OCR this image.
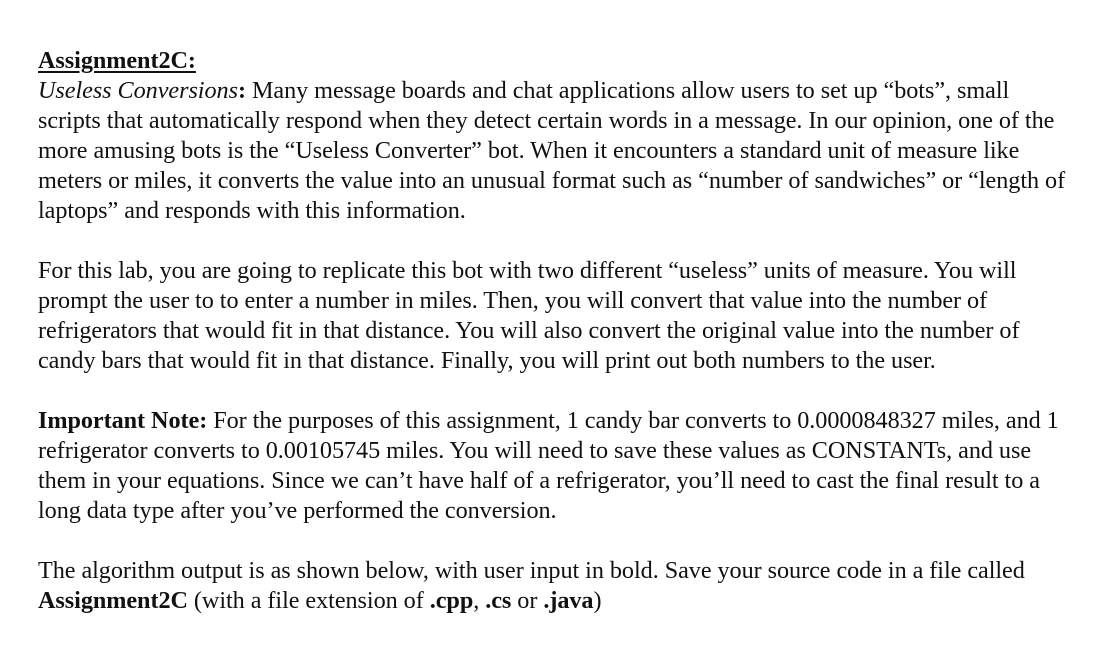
Assignment2C:

Useless Conversions: Many message boards and chat applications allow users to set up “bots”, small scripts that automatically respond when they detect certain words in a message. In our opinion, one of the more amusing bots is the “Useless Converter” bot. When it encounters a standard unit of measure like meters or miles, it converts the value into an unusual format such as “number of sandwiches” or “length of laptops” and responds with this information.

For this lab, you are going to replicate this bot with two different “useless” units of measure. You will prompt the user to to enter a number in miles. Then, you will convert that value into the number of refrigerators that would fit in that distance. You will also convert the original value into the number of candy bars that would fit in that distance. Finally, you will print out both numbers to the user.

Important Note: For the purposes of this assignment, 1 candy bar converts to 0.0000848327 miles, and 1 refrigerator converts to 0.00105745 miles. You will need to save these values as CONSTANTs, and use them in your equations. Since we can’t have half of a refrigerator, you’ll need to cast the final result to a long data type after you’ve performed the conversion.

The algorithm output is as shown below, with user input in bold. Save your source code in a file called Assignment2C (with a file extension of .cpp, .cs or .java)
